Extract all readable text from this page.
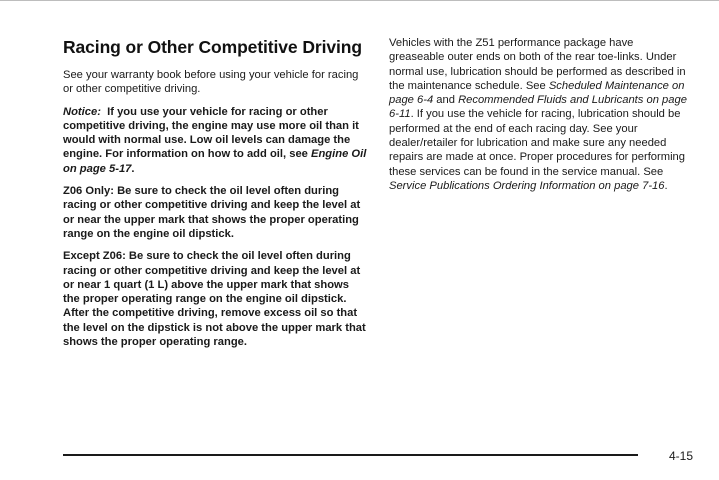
Racing or Other Competitive Driving

See your warranty book before using your vehicle for racing or other competitive driving.

Notice: If you use your vehicle for racing or other competitive driving, the engine may use more oil than it would with normal use. Low oil levels can damage the engine. For information on how to add oil, see Engine Oil on page 5-17.

Z06 Only: Be sure to check the oil level often during racing or other competitive driving and keep the level at or near the upper mark that shows the proper operating range on the engine oil dipstick.

Except Z06: Be sure to check the oil level often during racing or other competitive driving and keep the level at or near 1 quart (1 L) above the upper mark that shows the proper operating range on the engine oil dipstick. After the competitive driving, remove excess oil so that the level on the dipstick is not above the upper mark that shows the proper operating range.

Vehicles with the Z51 performance package have greaseable outer ends on both of the rear toe-links. Under normal use, lubrication should be performed as described in the maintenance schedule. See Scheduled Maintenance on page 6-4 and Recommended Fluids and Lubricants on page 6-11. If you use the vehicle for racing, lubrication should be performed at the end of each racing day. See your dealer/retailer for lubrication and make sure any needed repairs are made at once. Proper procedures for performing these services can be found in the service manual. See Service Publications Ordering Information on page 7-16.

4-15
